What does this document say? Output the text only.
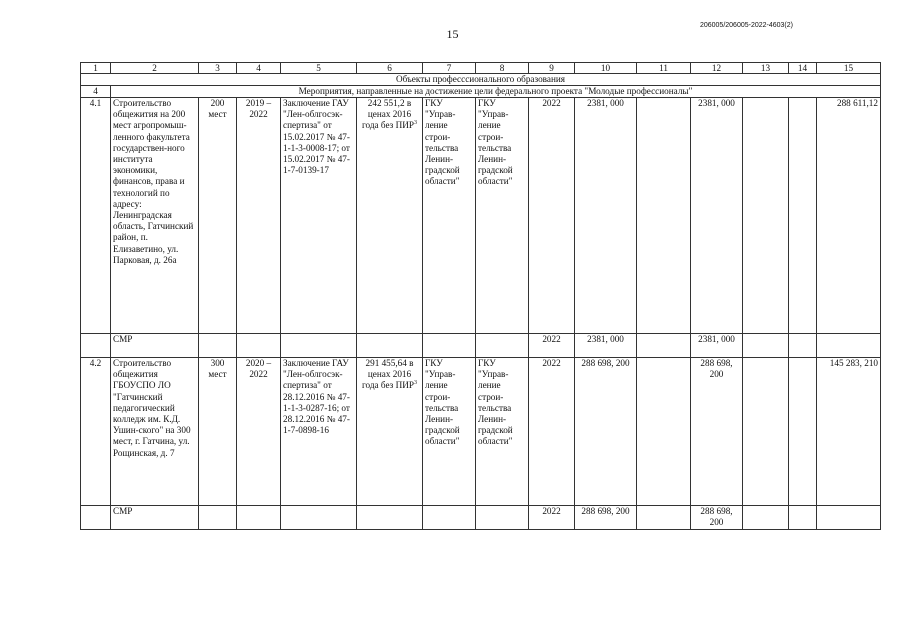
15
206005/206005-2022-4603(2)
1	2	3	4	5	6	7	8	9	10	11	12	13	14	15
Объекты професссионального образования														
4	Мероприятия, направленные на достижение цели федерального проекта "Молодые профессионалы"													
4.1	Строительство общежития на 200 мест агропромыш-ленного факультета государствен-ного института экономики, финансов, права и технологий по адресу: Ленинградская область, Гатчинский район, п. Елизаветино, ул. Парковая, д. 26а	200 мест	2019 – 2022	Заключение ГАУ "Лен-облгосэк-спертиза" от 15.02.2017 № 47-1-1-3-0008-17; от 15.02.2017 № 47-1-7-0139-17	242 551,2 в ценах 2016 года без ПИР$^3$	ГКУ "Управ-ление строи-тельства Ленин-градской области"	ГКУ "Управ-ление строи-тельства Ленин-градской области"	2022	2381, 000		2381, 000			288 611,12
	СМР							2022	2381, 000		2381, 000			
4.2	Строительство общежития ГБОУСПО ЛО "Гатчинский педагогический колледж им. К.Д. Ушин-ского" на 300 мест, г. Гатчина, ул. Рощинская, д. 7	300 мест	2020 – 2022	Заключение ГАУ "Лен-облгосэк-спертиза" от 28.12.2016 № 47-1-1-3-0287-16; от 28.12.2016 № 47-1-7-0898-16	291 455,64 в ценах 2016 года без ПИР$^3$	ГКУ "Управ-ление строи-тельства Ленин-градской области"	ГКУ "Управ-ление строи-тельства Ленин-градской области"	2022	288 698, 200		288 698, 200			145 283, 210
	СМР							2022	288 698, 200		288 698, 200			
